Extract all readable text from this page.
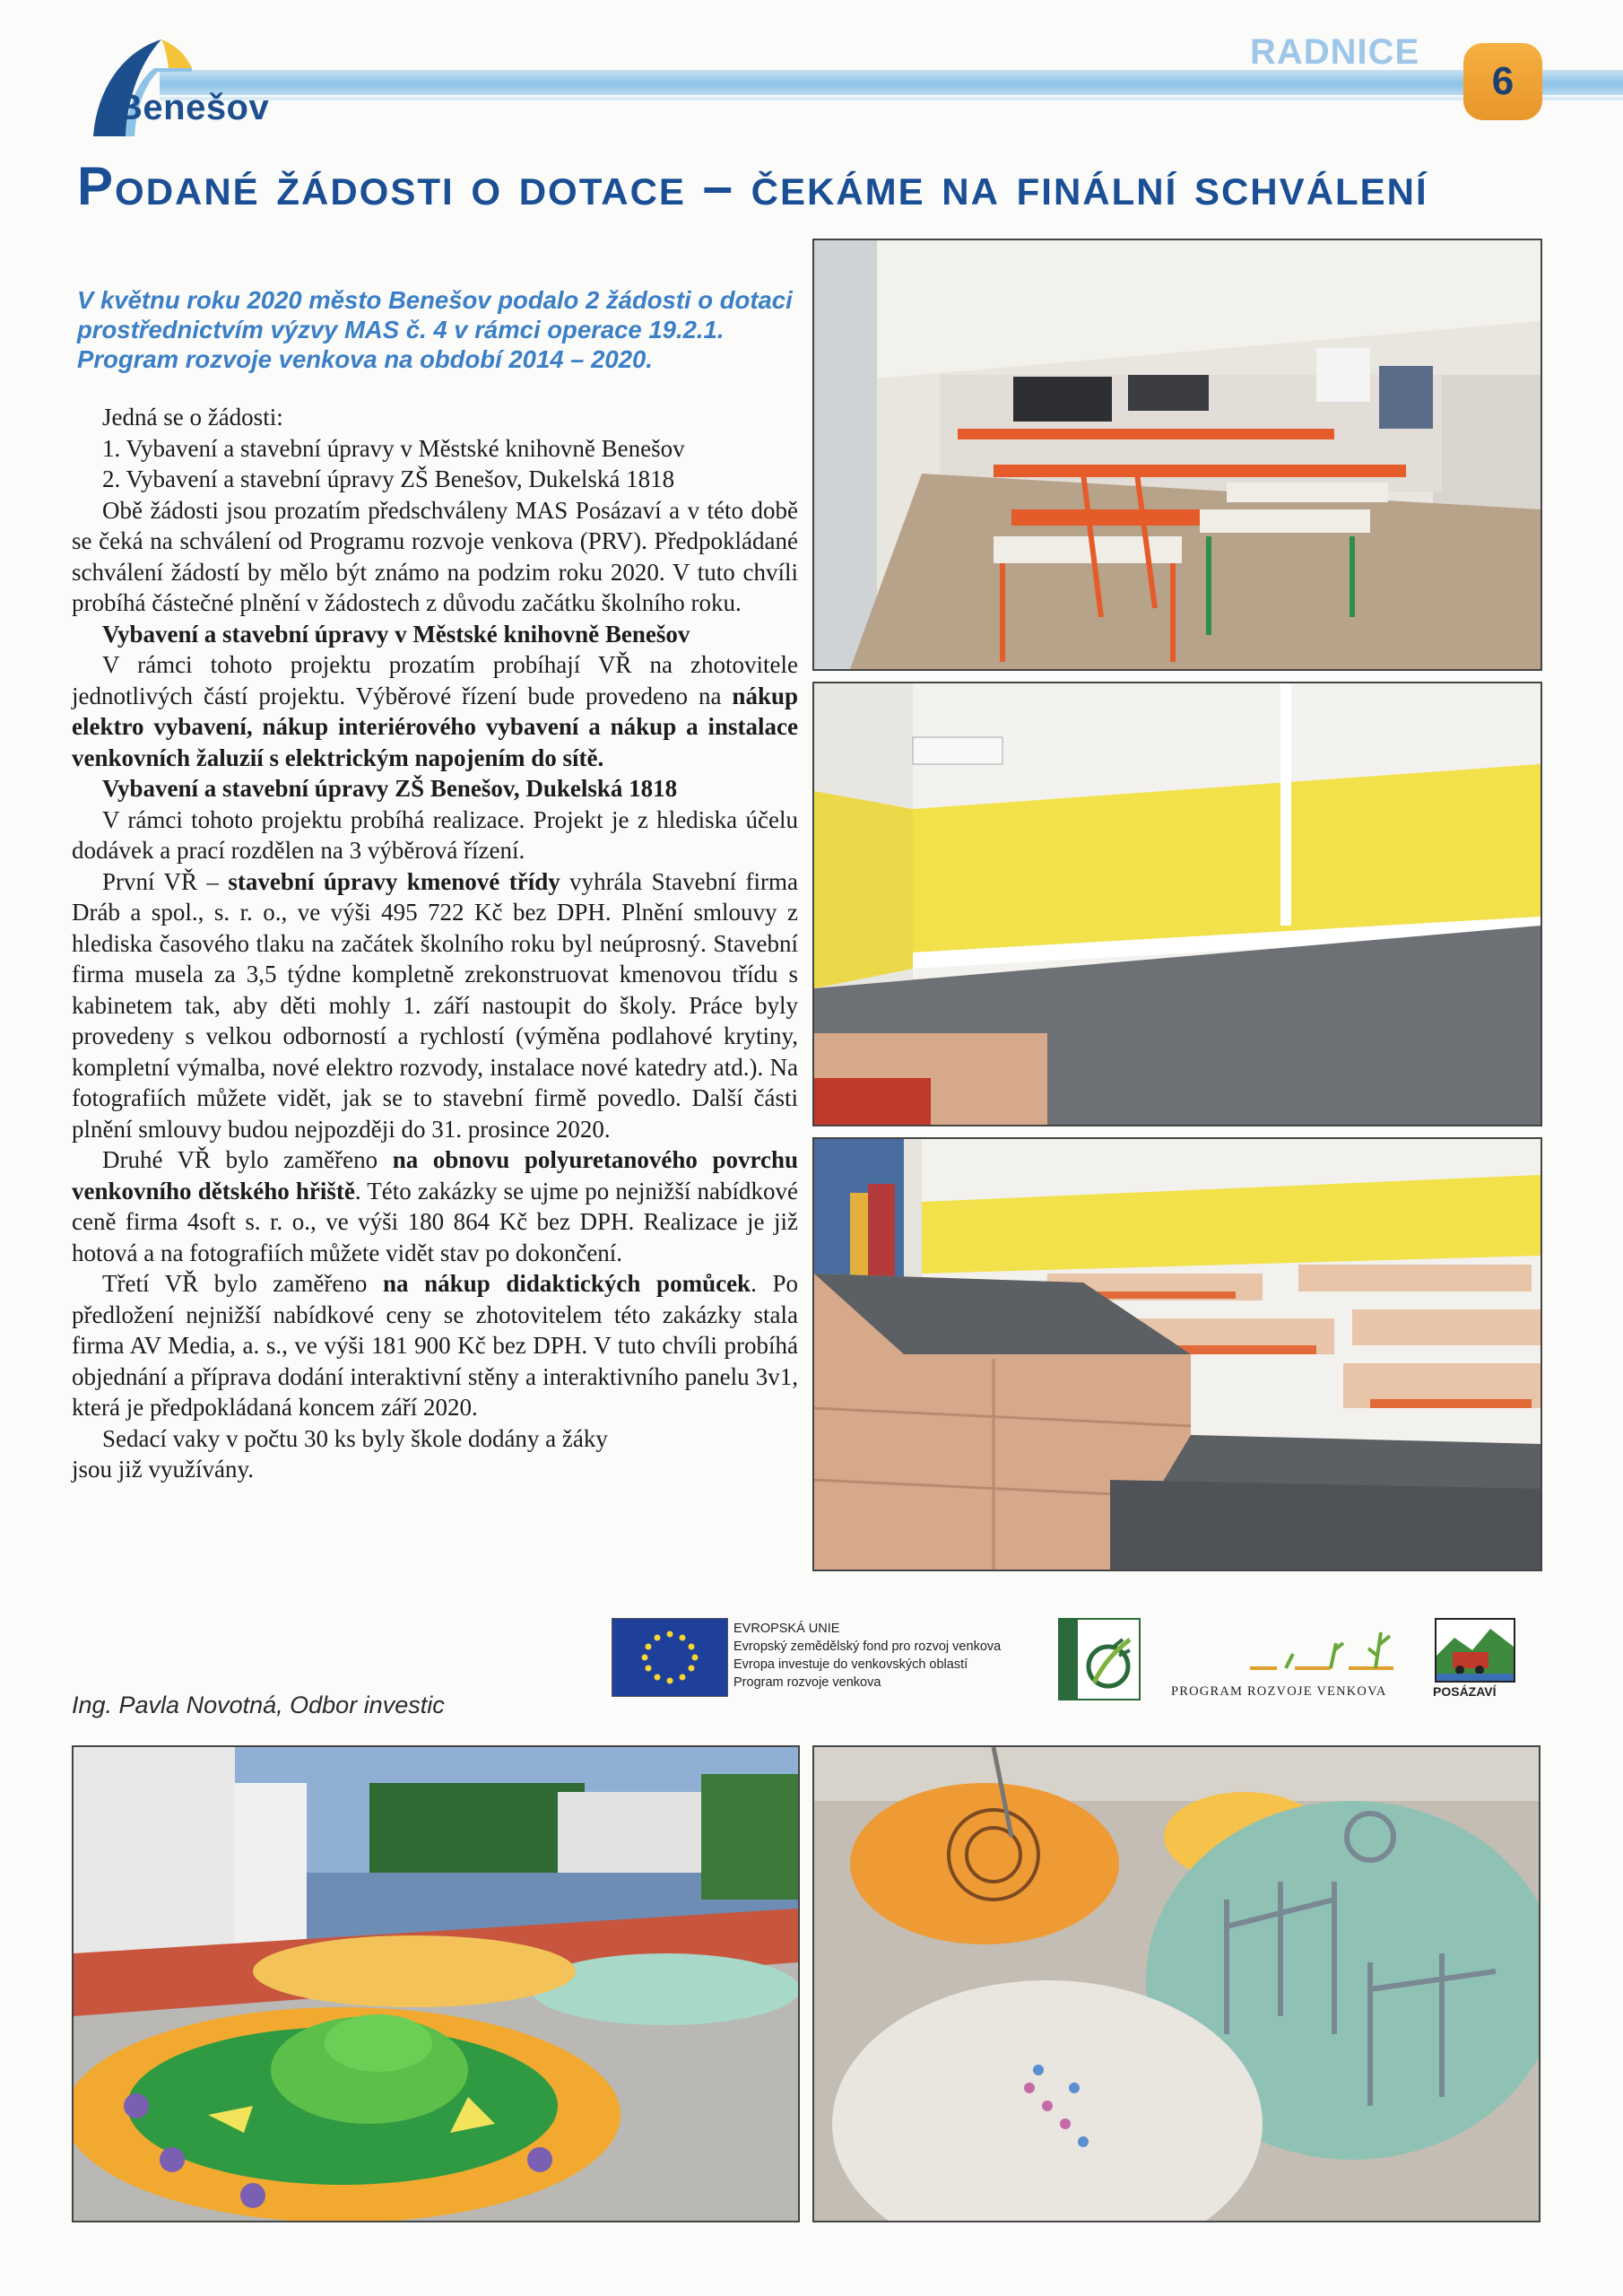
Benešov
RADNICE
6
Podané žádosti o dotace – čekáme na finální schválení

V květnu roku 2020 město Benešov podalo 2 žádosti o dotaci prostřednictvím výzvy MAS č. 4 v rámci operace 19.2.1. Program rozvoje venkova na období 2014 – 2020.

Jedná se o žádosti:

1. Vybavení a stavební úpravy v Městské knihovně Benešov

2. Vybavení a stavební úpravy ZŠ Benešov, Dukelská 1818

Obě žádosti jsou prozatím předschváleny MAS Posázaví a v této době se čeká na schválení od Programu rozvoje venkova (PRV). Předpokládané schválení žádostí by mělo být známo na podzim roku 2020. V tuto chvíli probíhá částečné plnění v žádostech z důvodu začátku školního roku.

Vybavení a stavební úpravy v Městské knihovně Benešov

V rámci tohoto projektu prozatím probíhají VŘ na zhotovitele jednotlivých částí projektu. Výběrové řízení bude provedeno na nákup elektro vybavení, nákup interiérového vybavení a nákup a instalace venkovních žaluzií s elektrickým napojením do sítě.

Vybavení a stavební úpravy ZŠ Benešov, Dukelská 1818

V rámci tohoto projektu probíhá realizace. Projekt je z hlediska účelu dodávek a prací rozdělen na 3 výběrová řízení.

První VŘ – stavební úpravy kmenové třídy vyhrála Stavební firma Dráb a spol., s. r. o., ve výši 495 722 Kč bez DPH. Plnění smlouvy z hlediska časového tlaku na začátek školního roku byl neúprosný. Stavební firma musela za 3,5 týdne kompletně zrekonstruovat kmenovou třídu s kabinetem tak, aby děti mohly 1. září nastoupit do školy. Práce byly provedeny s velkou odborností a rychlostí (výměna podlahové krytiny, kompletní výmalba, nové elektro rozvody, instalace nové katedry atd.). Na fotografiích můžete vidět, jak se to stavební firmě povedlo. Další části plnění smlouvy budou nejpozději do 31. prosince 2020.

Druhé VŘ bylo zaměřeno na obnovu polyuretanového povrchu venkovního dětského hřiště. Této zakázky se ujme po nejnižší nabídkové ceně firma 4soft s. r. o., ve výši 180 864 Kč bez DPH. Realizace je již hotová a na fotografiích můžete vidět stav po dokončení.

Třetí VŘ bylo zaměřeno na nákup didaktických pomůcek. Po předložení nejnižší nabídkové ceny se zhotovitelem této zakázky stala firma AV Media, a. s., ve výši 181 900 Kč bez DPH. V tuto chvíli probíhá objednání a příprava dodání interaktivní stěny a interaktivního panelu 3v1, která je předpokládaná koncem září 2020.

Sedací vaky v počtu 30 ks byly škole dodány a žáky jsou již využívány.

Ing. Pavla Novotná, Odbor investic
EVROPSKÁ UNIE
Evropský zemědělský fond pro rozvoj venkova
Evropa investuje do venkovských oblastí
Program rozvoje venkova
PROGRAM ROZVOJE VENKOVA	POSÁZAVÍ
